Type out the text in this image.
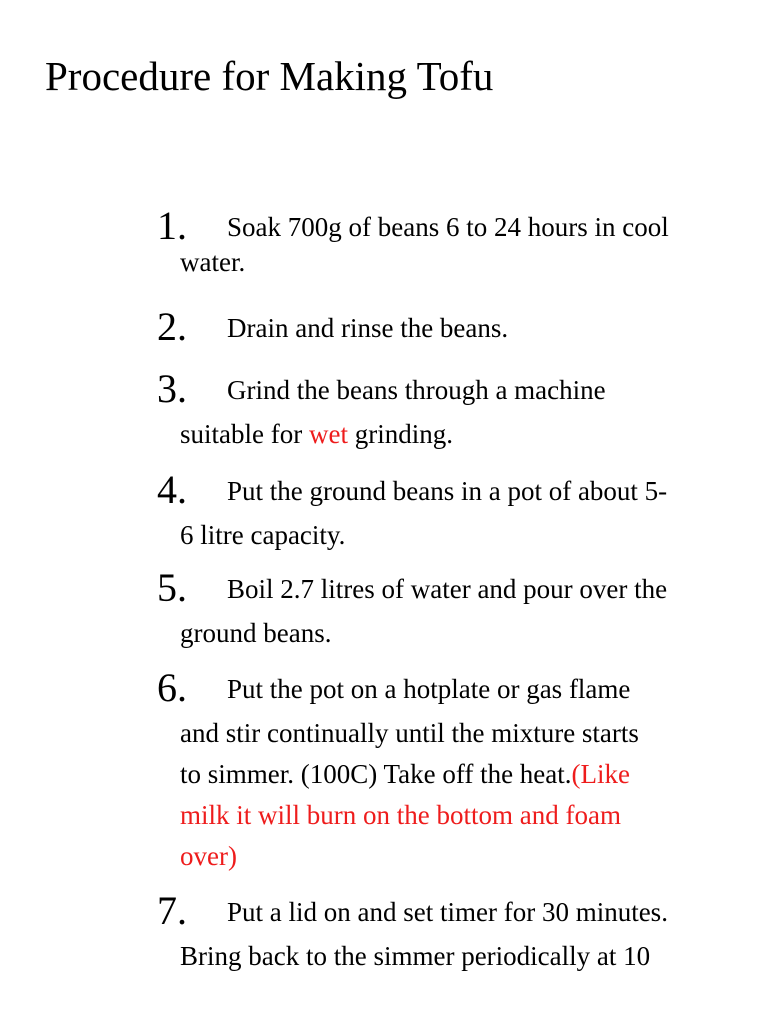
Procedure for Making Tofu
1. Soak 700g of beans 6 to 24 hours in cool
water.
2. Drain and rinse the beans.
3. Grind the beans through a machine
suitable for wet grinding.
4. Put the ground beans in a pot of about 5-
6 litre capacity.
5. Boil 2.7 litres of water and pour over the
ground beans.
6. Put the pot on a hotplate or gas flame
and stir continually until the mixture starts
to simmer. (100C) Take off the heat.(Like
milk it will burn on the bottom and foam
over)
7. Put a lid on and set timer for 30 minutes.
Bring back to the simmer periodically at 10
